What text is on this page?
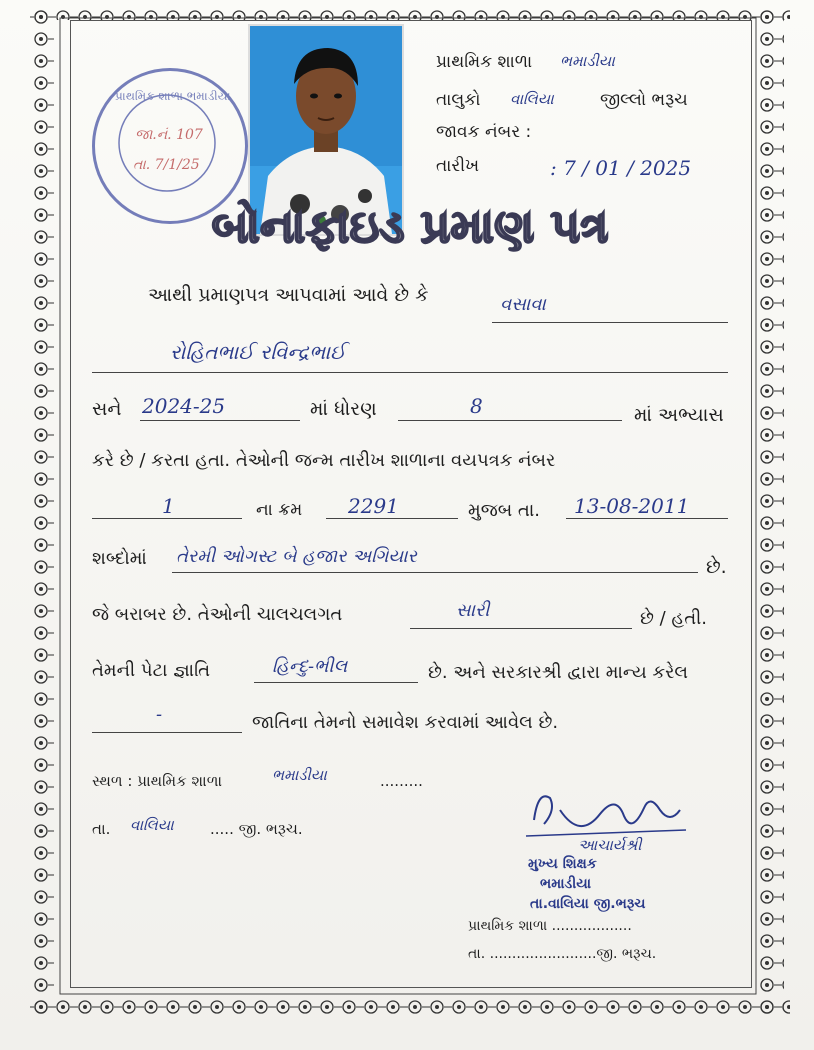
પ્રાથમિક શાળા ભમાડીયા
જા.નં. 107
તા. 7/1/25
પ્રાથમિક શાળા ભમાડીયા
તાલુકો વાલિયા	જીલ્લો ભરૂચ
જાવક નંબર :
તારીખ	: 7 / 01 / 2025
બોનાફાઇડ પ્રમાણ પત્ર
આથી પ્રમાણપત્ર આપવામાં આવે છે કે	વસાવા
રોહિતભાઈ રવિન્દ્રભાઈ
સને 2024-25	માં ધોરણ	8	માં અભ્યાસ
કરે છે / કરતા હતા. તેઓની જન્મ તારીખ શાળાના વયપત્રક નંબર
1	ના ક્રમ 2291	મુજબ તા. 13-08-2011
શબ્દોમાં તેરમી ઓગસ્ટ બે હજાર અગિયાર	છે.
જે બરાબર છે. તેઓની ચાલચલગત	સારી	છે / હતી.
તેમની પેટા જ્ઞાતિ	હિન્દુ-ભીલ	છે. અને સરકારશ્રી દ્વારા માન્ય કરેલ
-	જાતિના તેમનો સમાવેશ કરવામાં આવેલ છે.
સ્થળ : પ્રાથમિક શાળા	ભમાડીયા	.........
તા. વાલિયા ..... જી. ભરૂચ.
આચાર્યશ્રી
મુખ્ય શિક્ષક
ભમાડીયા
તા.વાલિયા જી.ભરૂચ
પ્રાથમિક શાળા ..................
તા. ........................જી. ભરૂચ.
